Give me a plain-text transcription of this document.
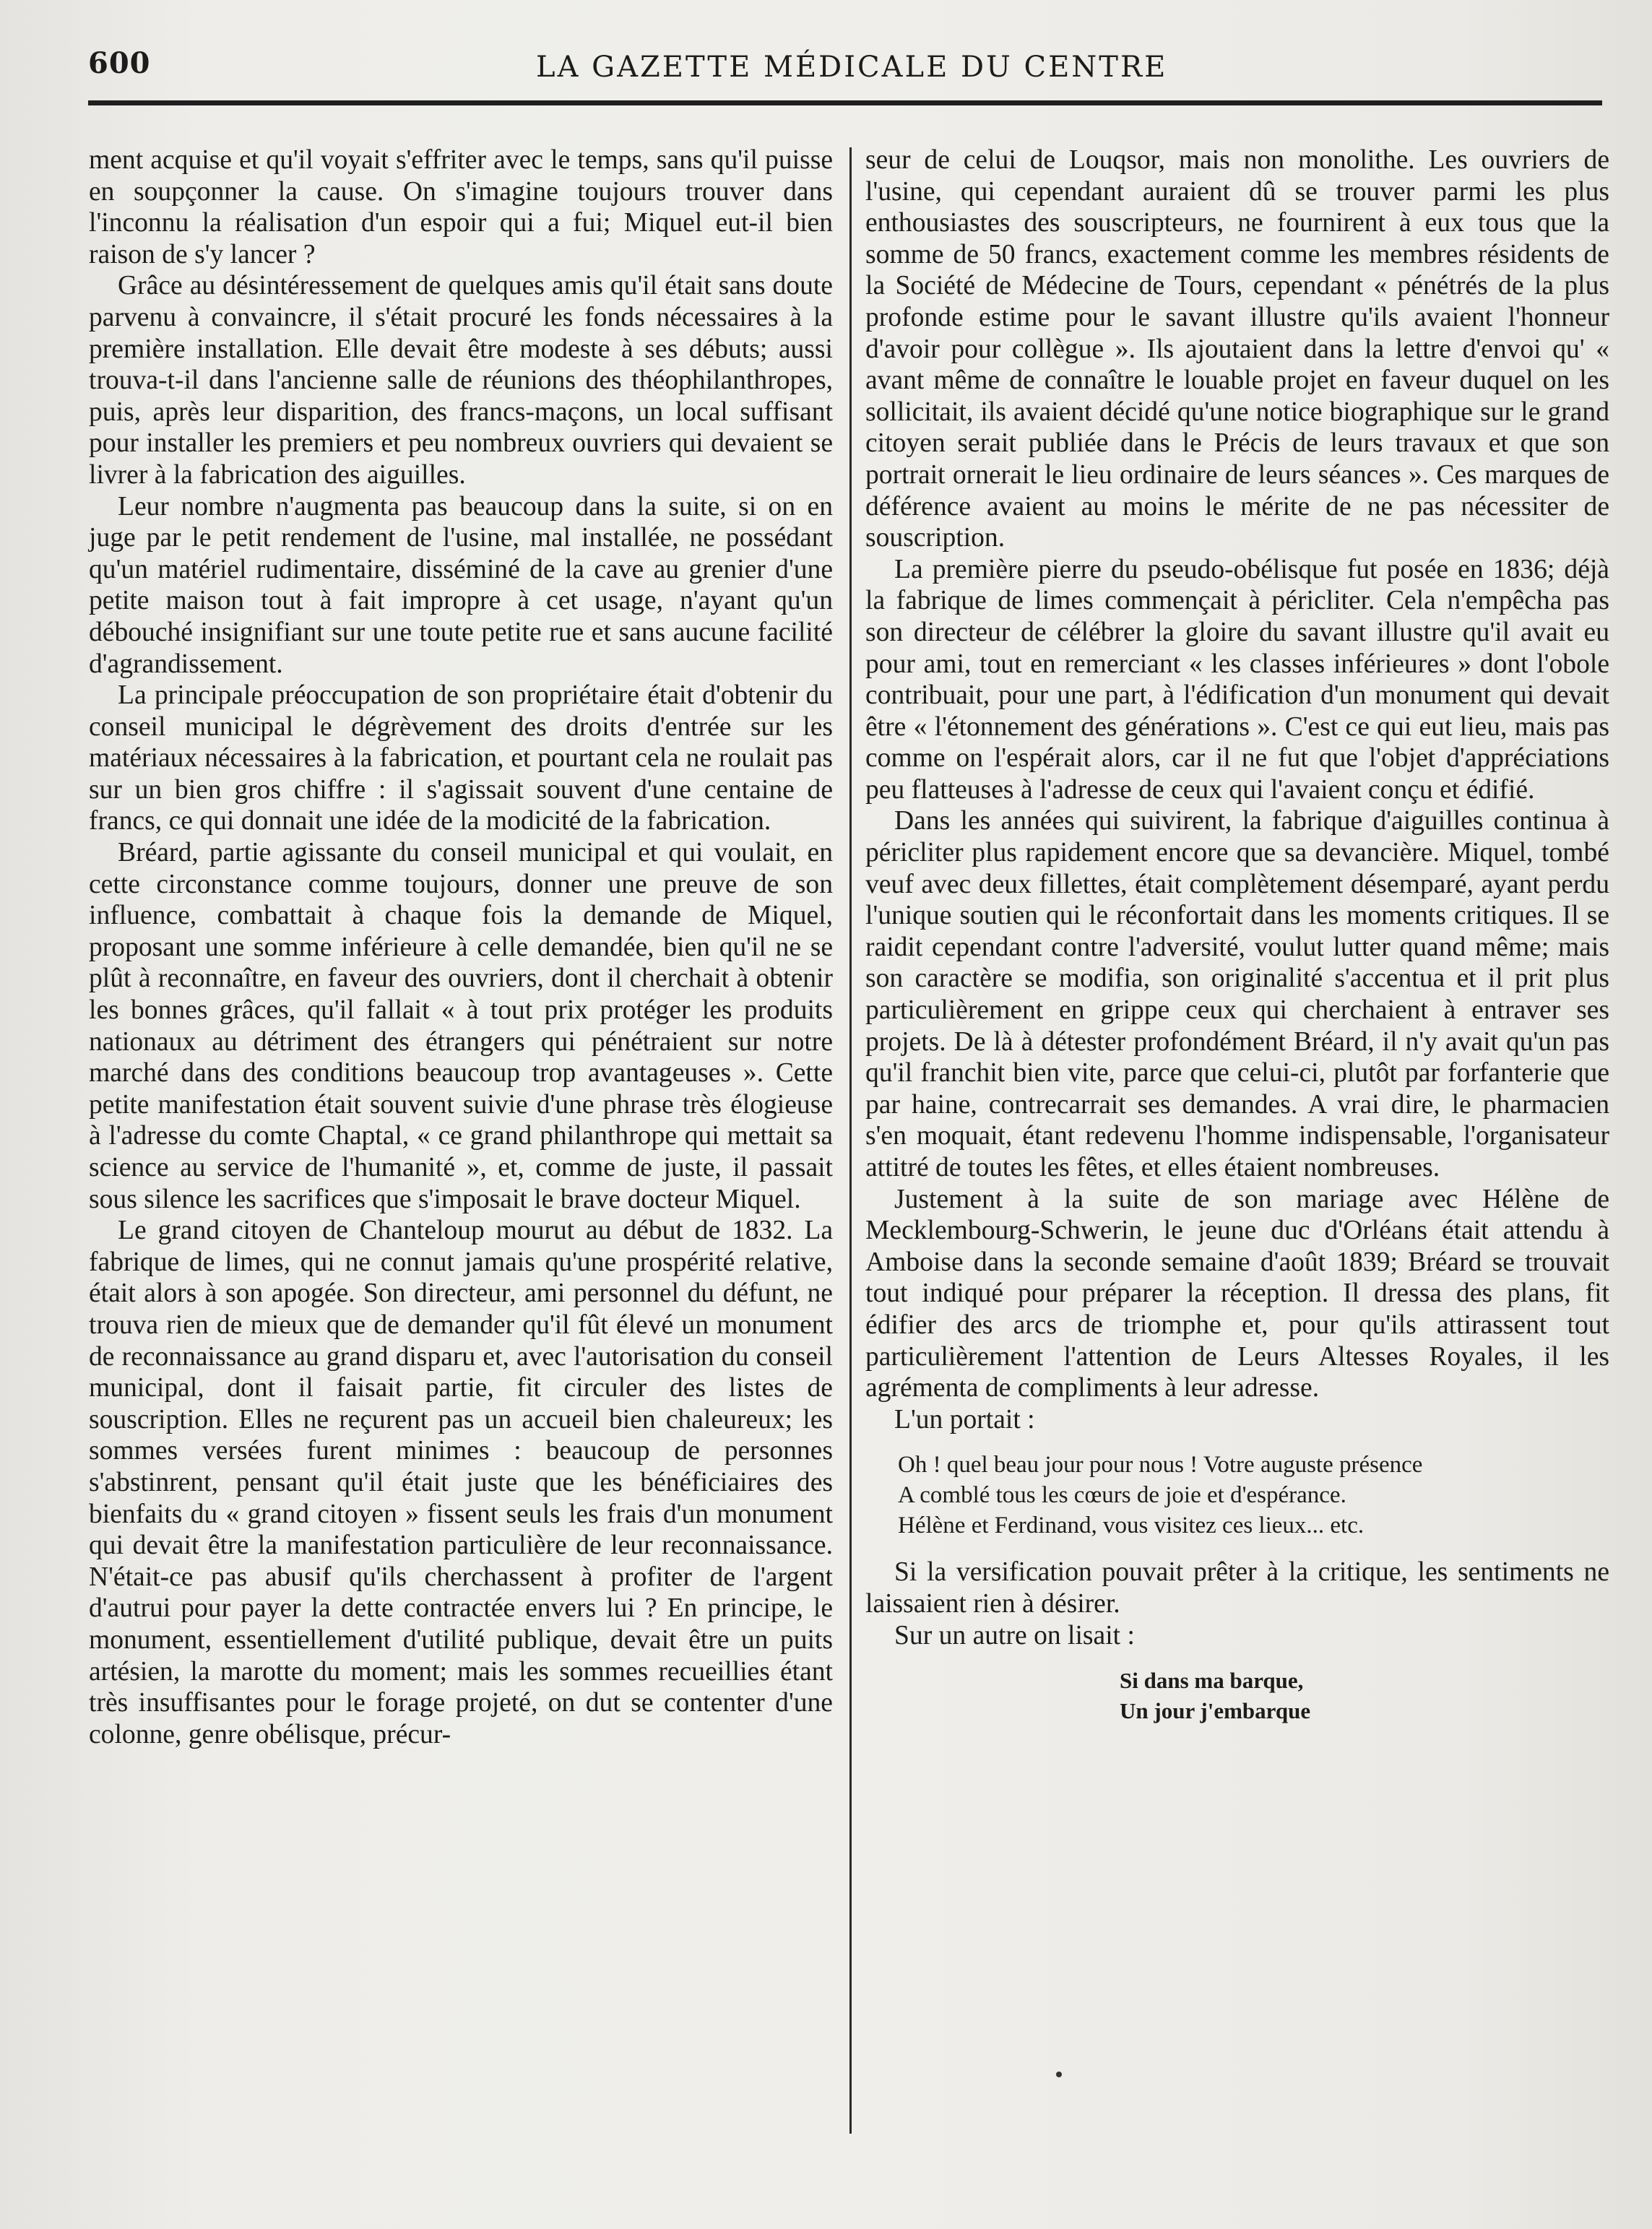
600	LA GAZETTE MÉDICALE DU CENTRE

ment acquise et qu'il voyait s'effriter avec le temps, sans qu'il puisse en soupçonner la cause. On s'imagine toujours trouver dans l'inconnu la réalisation d'un espoir qui a fui; Miquel eut-il bien raison de s'y lancer ?

Grâce au désintéressement de quelques amis qu'il était sans doute parvenu à convaincre, il s'était procuré les fonds nécessaires à la première installation. Elle devait être modeste à ses débuts; aussi trouva-t-il dans l'ancienne salle de réunions des théophilanthropes, puis, après leur disparition, des francs-maçons, un local suffisant pour installer les premiers et peu nombreux ouvriers qui devaient se livrer à la fabrication des aiguilles.

Leur nombre n'augmenta pas beaucoup dans la suite, si on en juge par le petit rendement de l'usine, mal installée, ne possédant qu'un matériel rudimentaire, disséminé de la cave au grenier d'une petite maison tout à fait impropre à cet usage, n'ayant qu'un débouché insignifiant sur une toute petite rue et sans aucune facilité d'agrandissement.

La principale préoccupation de son propriétaire était d'obtenir du conseil municipal le dégrèvement des droits d'entrée sur les matériaux nécessaires à la fabrication, et pourtant cela ne roulait pas sur un bien gros chiffre : il s'agissait souvent d'une centaine de francs, ce qui donnait une idée de la modicité de la fabrication.

Bréard, partie agissante du conseil municipal et qui voulait, en cette circonstance comme toujours, donner une preuve de son influence, combattait à chaque fois la demande de Miquel, proposant une somme inférieure à celle demandée, bien qu'il ne se plût à reconnaître, en faveur des ouvriers, dont il cherchait à obtenir les bonnes grâces, qu'il fallait « à tout prix protéger les produits nationaux au détriment des étrangers qui pénétraient sur notre marché dans des conditions beaucoup trop avantageuses ». Cette petite manifestation était souvent suivie d'une phrase très élogieuse à l'adresse du comte Chaptal, « ce grand philanthrope qui mettait sa science au service de l'humanité », et, comme de juste, il passait sous silence les sacrifices que s'imposait le brave docteur Miquel.

Le grand citoyen de Chanteloup mourut au début de 1832. La fabrique de limes, qui ne connut jamais qu'une prospérité relative, était alors à son apogée. Son directeur, ami personnel du défunt, ne trouva rien de mieux que de demander qu'il fût élevé un monument de reconnaissance au grand disparu et, avec l'autorisation du conseil municipal, dont il faisait partie, fit circuler des listes de souscription. Elles ne reçurent pas un accueil bien chaleureux; les sommes versées furent minimes : beaucoup de personnes s'abstinrent, pensant qu'il était juste que les bénéficiaires des bienfaits du « grand citoyen » fissent seuls les frais d'un monument qui devait être la manifestation particulière de leur reconnaissance. N'était-ce pas abusif qu'ils cherchassent à profiter de l'argent d'autrui pour payer la dette contractée envers lui ? En principe, le monument, essentiellement d'utilité publique, devait être un puits artésien, la marotte du moment; mais les sommes recueillies étant très insuffisantes pour le forage projeté, on dut se contenter d'une colonne, genre obélisque, précur-

seur de celui de Louqsor, mais non monolithe. Les ouvriers de l'usine, qui cependant auraient dû se trouver parmi les plus enthousiastes des souscripteurs, ne fournirent à eux tous que la somme de 50 francs, exactement comme les membres résidents de la Société de Médecine de Tours, cependant « pénétrés de la plus profonde estime pour le savant illustre qu'ils avaient l'honneur d'avoir pour collègue ». Ils ajoutaient dans la lettre d'envoi qu' « avant même de connaître le louable projet en faveur duquel on les sollicitait, ils avaient décidé qu'une notice biographique sur le grand citoyen serait publiée dans le Précis de leurs travaux et que son portrait ornerait le lieu ordinaire de leurs séances ». Ces marques de déférence avaient au moins le mérite de ne pas nécessiter de souscription.

La première pierre du pseudo-obélisque fut posée en 1836; déjà la fabrique de limes commençait à péricliter. Cela n'empêcha pas son directeur de célébrer la gloire du savant illustre qu'il avait eu pour ami, tout en remerciant « les classes inférieures » dont l'obole contribuait, pour une part, à l'édification d'un monument qui devait être « l'étonnement des générations ». C'est ce qui eut lieu, mais pas comme on l'espérait alors, car il ne fut que l'objet d'appréciations peu flatteuses à l'adresse de ceux qui l'avaient conçu et édifié.

Dans les années qui suivirent, la fabrique d'aiguilles continua à péricliter plus rapidement encore que sa devancière. Miquel, tombé veuf avec deux fillettes, était complètement désemparé, ayant perdu l'unique soutien qui le réconfortait dans les moments critiques. Il se raidit cependant contre l'adversité, voulut lutter quand même; mais son caractère se modifia, son originalité s'accentua et il prit plus particulièrement en grippe ceux qui cherchaient à entraver ses projets. De là à détester profondément Bréard, il n'y avait qu'un pas qu'il franchit bien vite, parce que celui-ci, plutôt par forfanterie que par haine, contrecarrait ses demandes. A vrai dire, le pharmacien s'en moquait, étant redevenu l'homme indispensable, l'organisateur attitré de toutes les fêtes, et elles étaient nombreuses.

Justement à la suite de son mariage avec Hélène de Mecklembourg-Schwerin, le jeune duc d'Orléans était attendu à Amboise dans la seconde semaine d'août 1839; Bréard se trouvait tout indiqué pour préparer la réception. Il dressa des plans, fit édifier des arcs de triomphe et, pour qu'ils attirassent tout particulièrement l'attention de Leurs Altesses Royales, il les agrémenta de compliments à leur adresse.

L'un portait :

Oh ! quel beau jour pour nous ! Votre auguste présence
A comblé tous les cœurs de joie et d'espérance.
Hélène et Ferdinand, vous visitez ces lieux... etc.

Si la versification pouvait prêter à la critique, les sentiments ne laissaient rien à désirer.

Sur un autre on lisait :

Si dans ma barque,
Un jour j'embarque
